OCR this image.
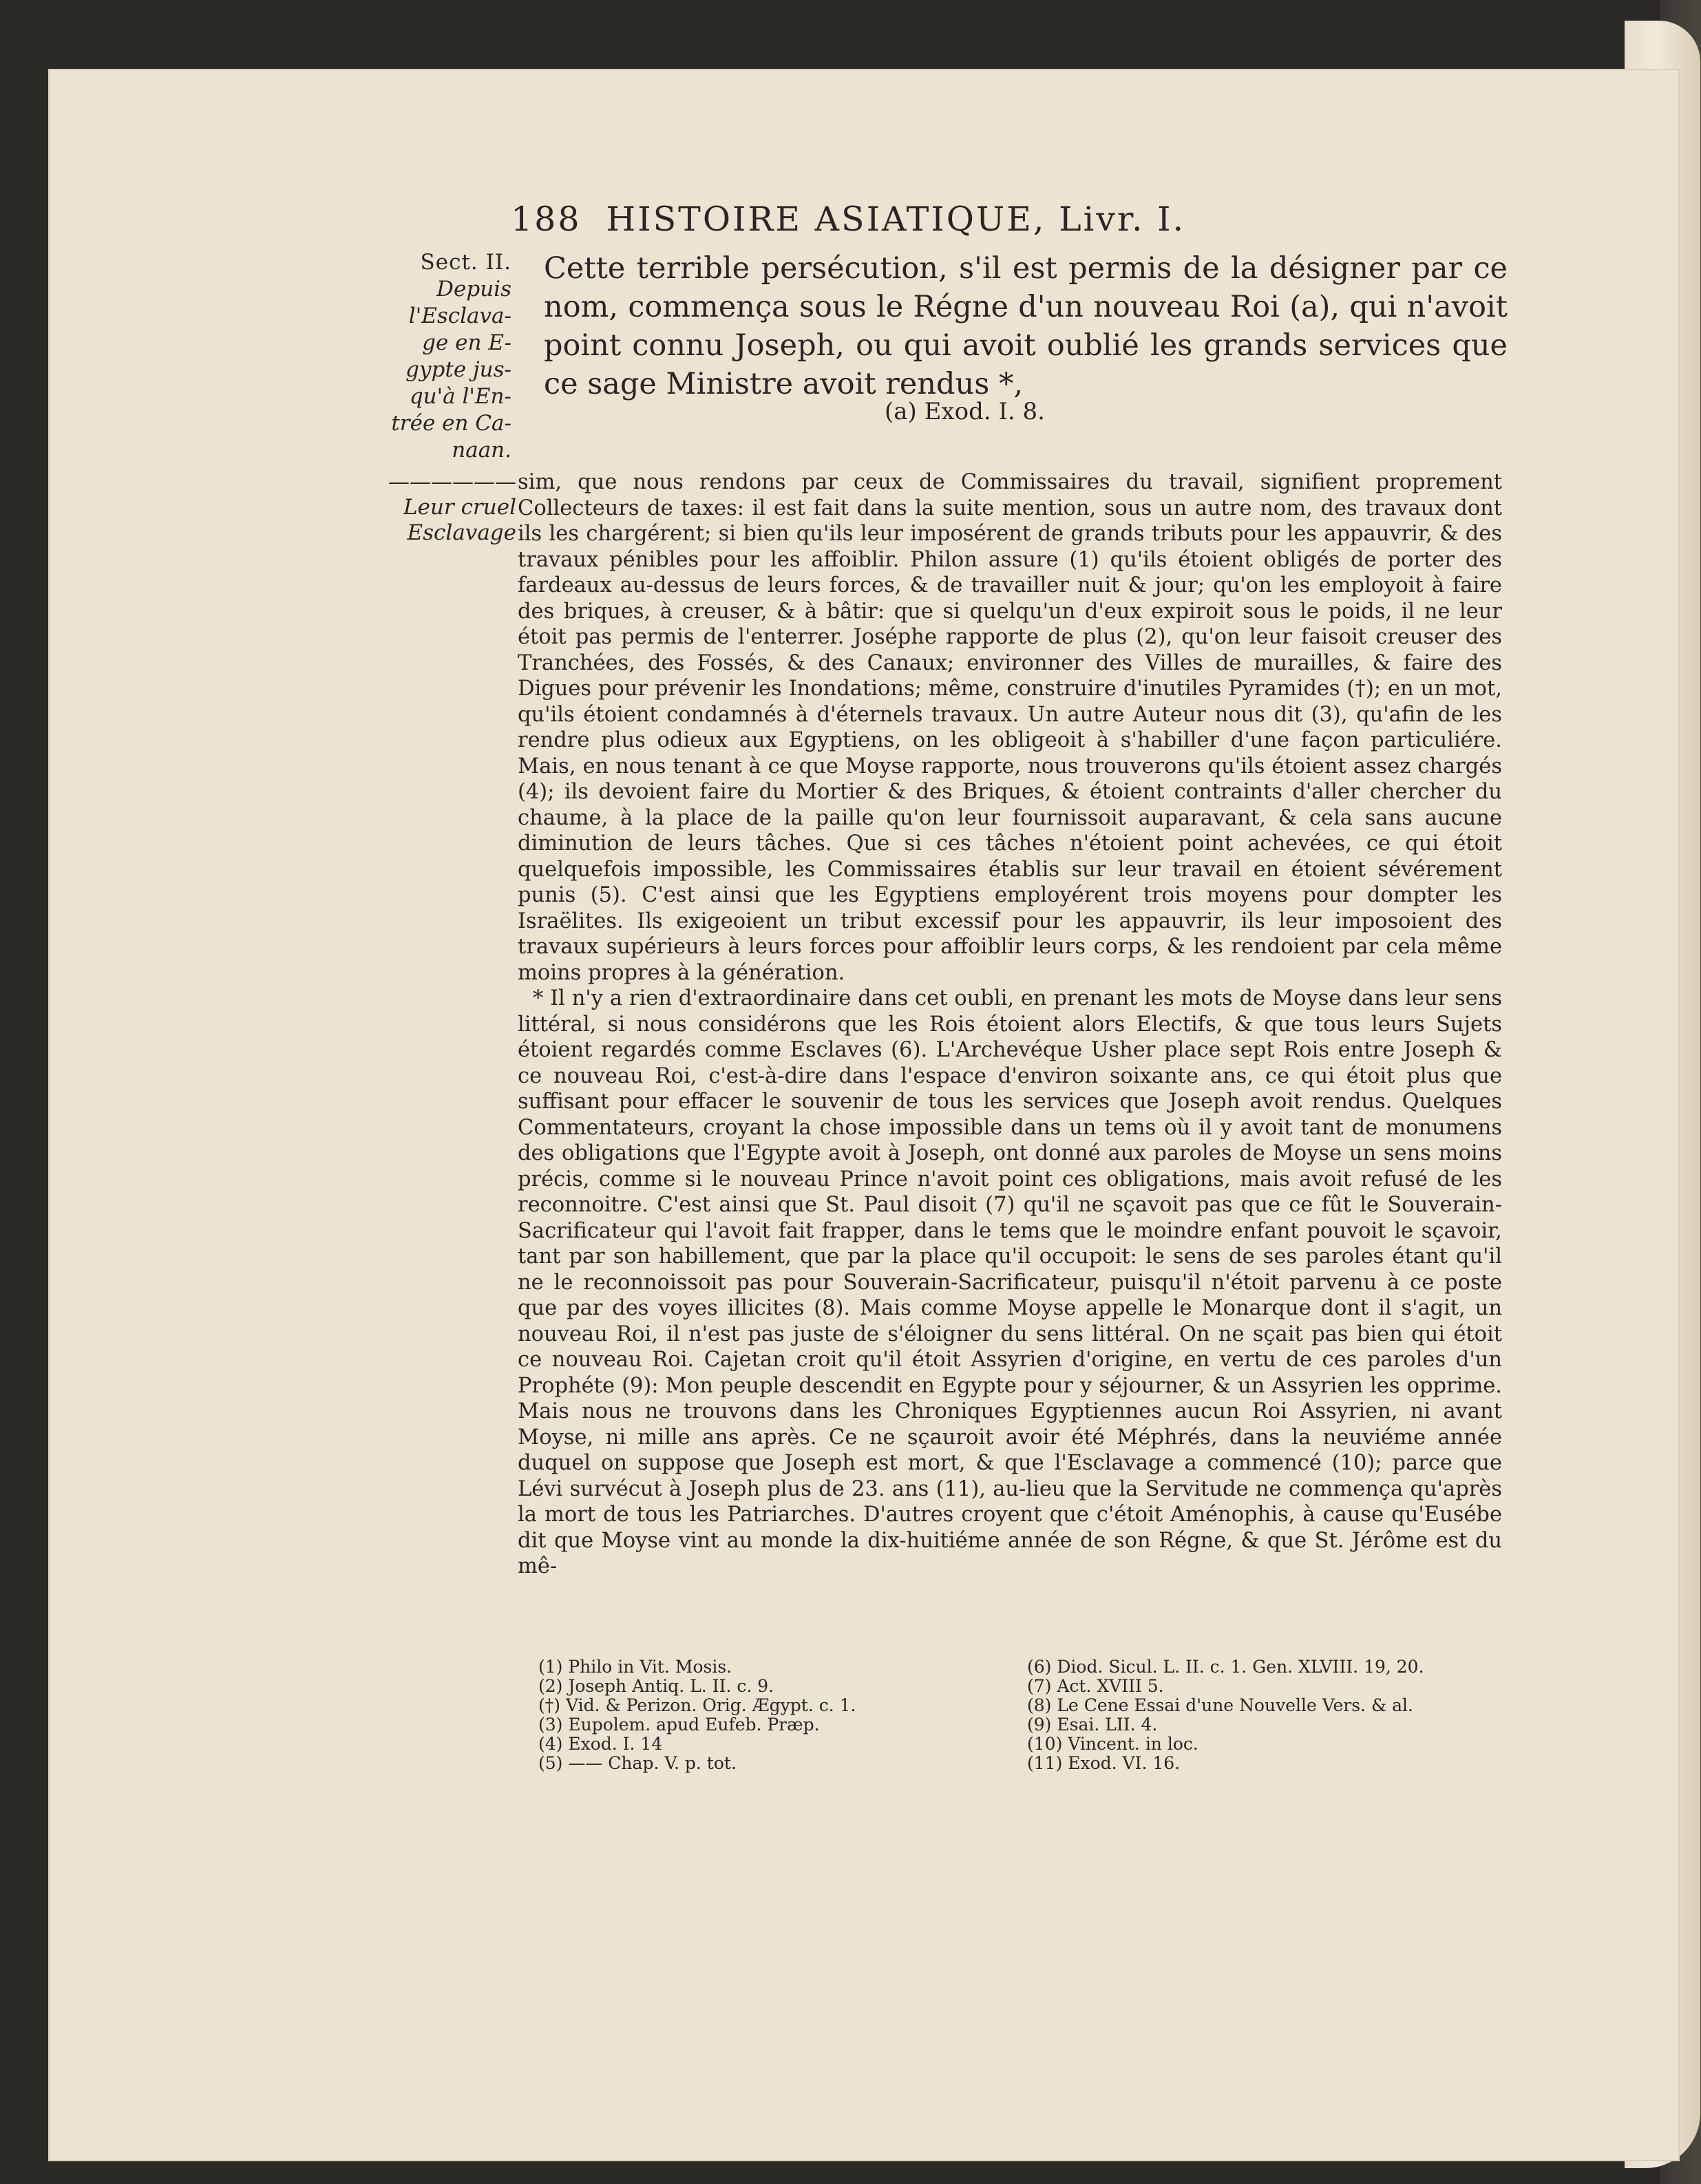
188 HISTOIRE ASIATIQUE, Livr. I.
Sect. II.
Depuis
l'Esclava-
ge en E-
gypte jus-
qu'à l'En-
trée en Ca-
naan.
Cette terrible persécution, s'il est permis de la désigner par ce nom, commença sous le Régne d'un nouveau Roi (a), qui n'avoit point connu Joseph, ou qui avoit oublié les grands services que ce sage Ministre avoit rendus *,
(a) Exod. I. 8.
——————
Leur cruel
Esclavage

sim, que nous rendons par ceux de Commissaires du travail, signifient proprement Collecteurs de taxes: il est fait dans la suite mention, sous un autre nom, des travaux dont ils les chargérent; si bien qu'ils leur imposérent de grands tributs pour les appauvrir, & des travaux pénibles pour les affoiblir. Philon assure (1) qu'ils étoient obligés de porter des fardeaux au-dessus de leurs forces, & de travailler nuit & jour; qu'on les employoit à faire des briques, à creuser, & à bâtir: que si quelqu'un d'eux expiroit sous le poids, il ne leur étoit pas permis de l'enterrer. Joséphe rapporte de plus (2), qu'on leur faisoit creuser des Tranchées, des Fossés, & des Canaux; environner des Villes de murailles, & faire des Digues pour prévenir les Inondations; même, construire d'inutiles Pyramides (†); en un mot, qu'ils étoient condamnés à d'éternels travaux. Un autre Auteur nous dit (3), qu'afin de les rendre plus odieux aux Egyptiens, on les obligeoit à s'habiller d'une façon particuliére. Mais, en nous tenant à ce que Moyse rapporte, nous trouverons qu'ils étoient assez chargés (4); ils devoient faire du Mortier & des Briques, & étoient contraints d'aller chercher du chaume, à la place de la paille qu'on leur fournissoit auparavant, & cela sans aucune diminution de leurs tâches. Que si ces tâches n'étoient point achevées, ce qui étoit quelquefois impossible, les Commissaires établis sur leur travail en étoient sévérement punis (5). C'est ainsi que les Egyptiens employérent trois moyens pour dompter les Israëlites. Ils exigeoient un tribut excessif pour les appauvrir, ils leur imposoient des travaux supérieurs à leurs forces pour affoiblir leurs corps, & les rendoient par cela même moins propres à la génération.

* Il n'y a rien d'extraordinaire dans cet oubli, en prenant les mots de Moyse dans leur sens littéral, si nous considérons que les Rois étoient alors Electifs, & que tous leurs Sujets étoient regardés comme Esclaves (6). L'Archevéque Usher place sept Rois entre Joseph & ce nouveau Roi, c'est-à-dire dans l'espace d'environ soixante ans, ce qui étoit plus que suffisant pour effacer le souvenir de tous les services que Joseph avoit rendus. Quelques Commentateurs, croyant la chose impossible dans un tems où il y avoit tant de monumens des obligations que l'Egypte avoit à Joseph, ont donné aux paroles de Moyse un sens moins précis, comme si le nouveau Prince n'avoit point ces obligations, mais avoit refusé de les reconnoitre. C'est ainsi que St. Paul disoit (7) qu'il ne sçavoit pas que ce fût le Souverain-Sacrificateur qui l'avoit fait frapper, dans le tems que le moindre enfant pouvoit le sçavoir, tant par son habillement, que par la place qu'il occupoit: le sens de ses paroles étant qu'il ne le reconnoissoit pas pour Souverain-Sacrificateur, puisqu'il n'étoit parvenu à ce poste que par des voyes illicites (8). Mais comme Moyse appelle le Monarque dont il s'agit, un nouveau Roi, il n'est pas juste de s'éloigner du sens littéral. On ne sçait pas bien qui étoit ce nouveau Roi. Cajetan croit qu'il étoit Assyrien d'origine, en vertu de ces paroles d'un Prophéte (9): Mon peuple descendit en Egypte pour y séjourner, & un Assyrien les opprime. Mais nous ne trouvons dans les Chroniques Egyptiennes aucun Roi Assyrien, ni avant Moyse, ni mille ans après. Ce ne sçauroit avoir été Méphrés, dans la neuviéme année duquel on suppose que Joseph est mort, & que l'Esclavage a commencé (10); parce que Lévi survécut à Joseph plus de 23. ans (11), au-lieu que la Servitude ne commença qu'après la mort de tous les Patriarches. D'autres croyent que c'étoit Aménophis, à cause qu'Eusébe dit que Moyse vint au monde la dix-huitiéme année de son Régne, & que St. Jérôme est du mê-

(1) Philo in Vit. Mosis.
(2) Joseph Antiq. L. II. c. 9.
(†) Vid. & Perizon. Orig. Ægypt. c. 1.
(3) Eupolem. apud Eufeb. Præp.
(4) Exod. I. 14
(5) —— Chap. V. p. tot.
(6) Diod. Sicul. L. II. c. 1. Gen. XLVIII. 19, 20.
(7) Act. XVIII 5.
(8) Le Cene Essai d'une Nouvelle Vers. & al.
(9) Esai. LII. 4.
(10) Vincent. in loc.
(11) Exod. VI. 16.
